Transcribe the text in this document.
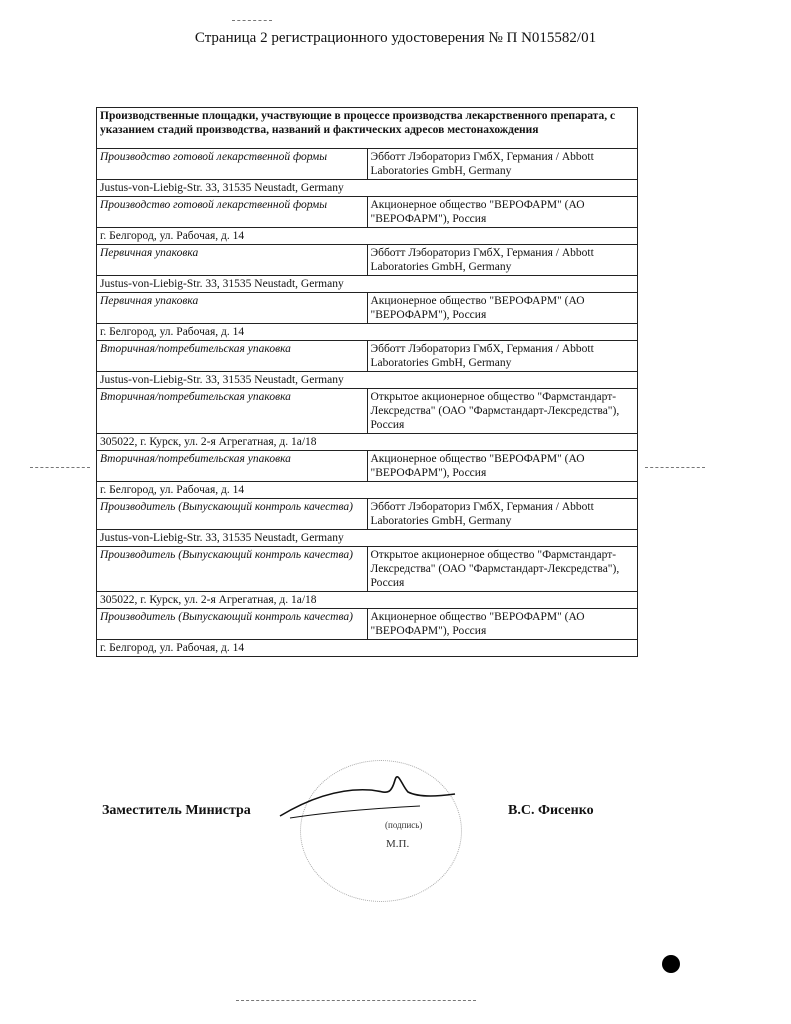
Страница 2 регистрационного удостоверения № П N015582/01
Производственные площадки, участвующие в процессе производства лекарственного препарата, с указанием стадий производства, названий и фактических адресов местонахождения	
Производство готовой лекарственной формы	Эбботт Лэбораториз ГмбХ, Германия / Abbott Laboratories GmbH, Germany
Justus-von-Liebig-Str. 33, 31535 Neustadt, Germany	
Производство готовой лекарственной формы	Акционерное общество "ВЕРОФАРМ" (АО "ВЕРОФАРМ"), Россия
г. Белгород, ул. Рабочая, д. 14	
Первичная упаковка	Эбботт Лэбораториз ГмбХ, Германия / Abbott Laboratories GmbH, Germany
Justus-von-Liebig-Str. 33, 31535 Neustadt, Germany	
Первичная упаковка	Акционерное общество "ВЕРОФАРМ" (АО "ВЕРОФАРМ"), Россия
г. Белгород, ул. Рабочая, д. 14	
Вторичная/потребительская упаковка	Эбботт Лэбораториз ГмбХ, Германия / Abbott Laboratories GmbH, Germany
Justus-von-Liebig-Str. 33, 31535 Neustadt, Germany	
Вторичная/потребительская упаковка	Открытое акционерное общество "Фармстандарт-Лексредства" (ОАО "Фармстандарт-Лексредства"), Россия
305022, г. Курск, ул. 2-я Агрегатная, д. 1а/18	
Вторичная/потребительская упаковка	Акционерное общество "ВЕРОФАРМ" (АО "ВЕРОФАРМ"), Россия
г. Белгород, ул. Рабочая, д. 14	
Производитель (Выпускающий контроль качества)	Эбботт Лэбораториз ГмбХ, Германия / Abbott Laboratories GmbH, Germany
Justus-von-Liebig-Str. 33, 31535 Neustadt, Germany	
Производитель (Выпускающий контроль качества)	Открытое акционерное общество "Фармстандарт-Лексредства" (ОАО "Фармстандарт-Лексредства"), Россия
305022, г. Курск, ул. 2-я Агрегатная, д. 1а/18	
Производитель (Выпускающий контроль качества)	Акционерное общество "ВЕРОФАРМ" (АО "ВЕРОФАРМ"), Россия
г. Белгород, ул. Рабочая, д. 14	
Заместитель Министра
(подпись)
М.П.
В.С. Фисенко
